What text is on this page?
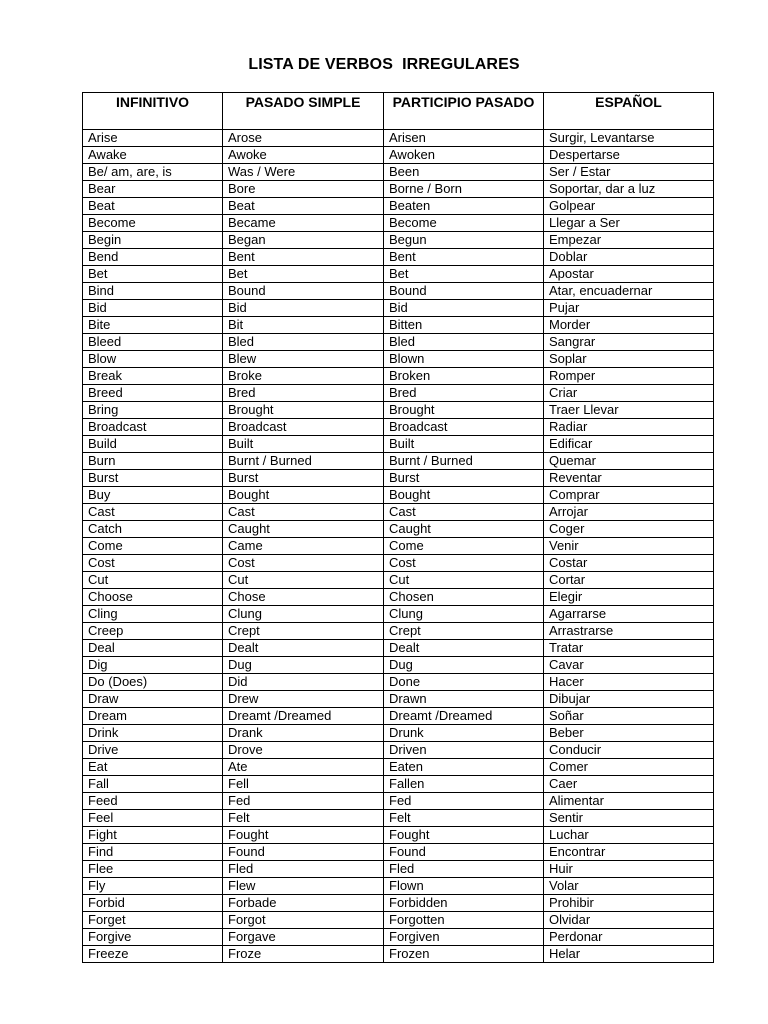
LISTA DE VERBOS  IRREGULARES
INFINITIVO	PASADO SIMPLE	PARTICIPIO PASADO	ESPAÑOL
Arise	Arose	Arisen	Surgir, Levantarse
Awake	Awoke	Awoken	Despertarse
Be/ am, are, is	Was / Were	Been	Ser / Estar
Bear	Bore	Borne / Born	Soportar, dar a luz
Beat	Beat	Beaten	Golpear
Become	Became	Become	Llegar a Ser
Begin	Began	Begun	Empezar
Bend	Bent	Bent	Doblar
Bet	Bet	Bet	Apostar
Bind	Bound	Bound	Atar, encuadernar
Bid	Bid	Bid	Pujar
Bite	Bit	Bitten	Morder
Bleed	Bled	Bled	Sangrar
Blow	Blew	Blown	Soplar
Break	Broke	Broken	Romper
Breed	Bred	Bred	Criar
Bring	Brought	Brought	Traer Llevar
Broadcast	Broadcast	Broadcast	Radiar
Build	Built	Built	Edificar
Burn	Burnt / Burned	Burnt / Burned	Quemar
Burst	Burst	Burst	Reventar
Buy	Bought	Bought	Comprar
Cast	Cast	Cast	Arrojar
Catch	Caught	Caught	Coger
Come	Came	Come	Venir
Cost	Cost	Cost	Costar
Cut	Cut	Cut	Cortar
Choose	Chose	Chosen	Elegir
Cling	Clung	Clung	Agarrarse
Creep	Crept	Crept	Arrastrarse
Deal	Dealt	Dealt	Tratar
Dig	Dug	Dug	Cavar
Do (Does)	Did	Done	Hacer
Draw	Drew	Drawn	Dibujar
Dream	Dreamt /Dreamed	Dreamt /Dreamed	Soñar
Drink	Drank	Drunk	Beber
Drive	Drove	Driven	Conducir
Eat	Ate	Eaten	Comer
Fall	Fell	Fallen	Caer
Feed	Fed	Fed	Alimentar
Feel	Felt	Felt	Sentir
Fight	Fought	Fought	Luchar
Find	Found	Found	Encontrar
Flee	Fled	Fled	Huir
Fly	Flew	Flown	Volar
Forbid	Forbade	Forbidden	Prohibir
Forget	Forgot	Forgotten	Olvidar
Forgive	Forgave	Forgiven	Perdonar
Freeze	Froze	Frozen	Helar
